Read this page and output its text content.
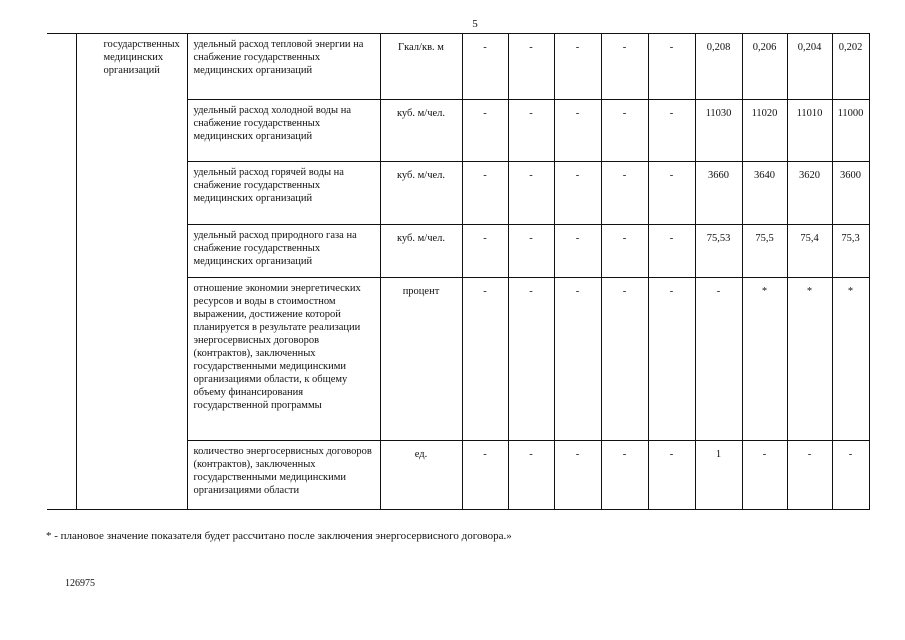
5
	государственных медицинских организаций	удельный расход тепловой энергии на снабжение государственных медицинских организаций	Гкал/кв. м	-	-	-	-	-	0,208	0,206	0,204	0,202
		удельный расход холодной воды на снабжение государственных медицинских организаций	куб. м/чел.	-	-	-	-	-	11030	11020	11010	11000
		удельный расход горячей воды на снабжение государственных медицинских организаций	куб. м/чел.	-	-	-	-	-	3660	3640	3620	3600
		удельный расход природного газа на снабжение государственных медицинских организаций	куб. м/чел.	-	-	-	-	-	75,53	75,5	75,4	75,3
		отношение экономии энергетических ресурсов и воды в стоимостном выражении, достижение которой планируется в результате реализации энергосервисных договоров (контрактов), заключенных государственными медицинскими организациями области, к общему объему финансирования государственной программы	процент	-	-	-	-	-	-	*	*	*
		количество энергосервисных договоров (контрактов), заключенных государственными медицинскими организациями области	ед.	-	-	-	-	-	1	-	-	-
* - плановое значение показателя будет рассчитано после заключения энергосервисного договора.»
126975
